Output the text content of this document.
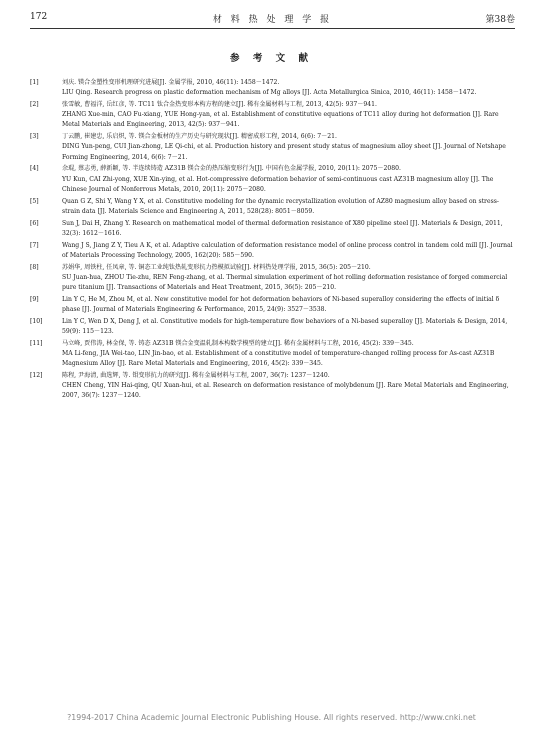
172	材 料 热 处 理 学 报	第38卷
参 考 文 献
[1]	刘庆. 镁合金塑性变形机理研究进展[J]. 金属学报, 2010, 46(11): 1458－1472.
LIU Qing. Research progress on plastic deformation mechanism of Mg alloys [J]. Acta Metallurgica Sinica, 2010, 46(11): 1458－1472.
[2]	张雪敏, 曹福洋, 岳红彦, 等. TC11 钛合金热变形本构方程的建立[J]. 稀有金属材料与工程, 2013, 42(5): 937－941.
ZHANG Xue-min, CAO Fu-xiang, YUE Hong-yan, et al. Establishment of constitutive equations of TC11 alloy during hot deformation [J]. Rare Metal Materials and Engineering, 2013, 42(5): 937－941.
[3]	丁云鹏, 崔建忠, 乐启炽, 等. 镁合金板材的生产历史与研究现状[J]. 精密成形工程, 2014, 6(6): 7－21.
DING Yun-peng, CUI Jian-zhong, LE Qi-chi, et al. Production history and present study status of magnesium alloy sheet [J]. Journal of Netshape Forming Engineering, 2014, 6(6): 7－21.
[4]	余琨, 蔡志勇, 薛新颖, 等. 半连续铸造 AZ31B 镁合金的热压缩变形行为[J]. 中国有色金属学报, 2010, 20(11): 2075－2080.
YU Kun, CAI Zhi-yong, XUE Xin-ying, et al. Hot-compressive deformation behavior of semi-continuous cast AZ31B magnesium alloy [J]. The Chinese Journal of Nonferrous Metals, 2010, 20(11): 2075－2080.
[5]	Quan G Z, Shi Y, Wang Y X, et al. Constitutive modeling for the dynamic recrystallization evolution of AZ80 magnesium alloy based on stress-strain data [J]. Materials Science and Engineering A, 2011, 528(28): 8051－8059.
[6]	Sun J, Dai H, Zhang Y. Research on mathematical model of thermal deformation resistance of X80 pipeline steel [J]. Materials & Design, 2011, 32(3): 1612－1616.
[7]	Wang J S, Jiang Z Y, Tieu A K, et al. Adaptive calculation of deformation resistance model of online process control in tandem cold mill [J]. Journal of Materials Processing Technology, 2005, 162(20): 585－590.
[8]	苏娟华, 周铁柱, 任凤章, 等. 铜态工业纯钛热轧变形抗力热模拟试验[J]. 材料热处理学报, 2015, 36(5): 205－210.
SU Juan-hua, ZHOU Tie-zhu, REN Feng-zhang, et al. Thermal simulation experiment of hot rolling deformation resistance of forged commercial pure titanium [J]. Transactions of Materials and Heat Treatment, 2015, 36(5): 205－210.
[9]	Lin Y C, He M, Zhou M, et al. New constitutive model for hot deformation behaviors of Ni-based superalloy considering the effects of initial δ phase [J]. Journal of Materials Engineering & Performance, 2015, 24(9): 3527－3538.
[10]	Lin Y C, Wen D X, Deng J, et al. Constitutive models for high-temperature flow behaviors of a Ni-based superalloy [J]. Materials & Design, 2014, 59(9): 115－123.
[11]	马立峰, 贾伟涛, 林金保, 等. 铸态 AZ31B 镁合金变温轧制本构数学模型的建立[J]. 稀有金属材料与工程, 2016, 45(2): 339－345.
MA Li-feng, JIA Wei-tao, LIN Jin-bao, et al. Establishment of a constitutive model of temperature-changed rolling process for As-cast AZ31B Magnesium Alloy [J]. Rare Metal Materials and Engineering, 2016, 45(2): 339－345.
[12]	陈程, 尹海清, 曲选辉, 等. 钼变形抗力的研究[J]. 稀有金属材料与工程, 2007, 36(7): 1237－1240.
CHEN Cheng, YIN Hai-qing, QU Xuan-hui, et al. Research on deformation resistance of molybdenum [J]. Rare Metal Materials and Engineering, 2007, 36(7): 1237－1240.
?1994-2017 China Academic Journal Electronic Publishing House. All rights reserved. http://www.cnki.net
